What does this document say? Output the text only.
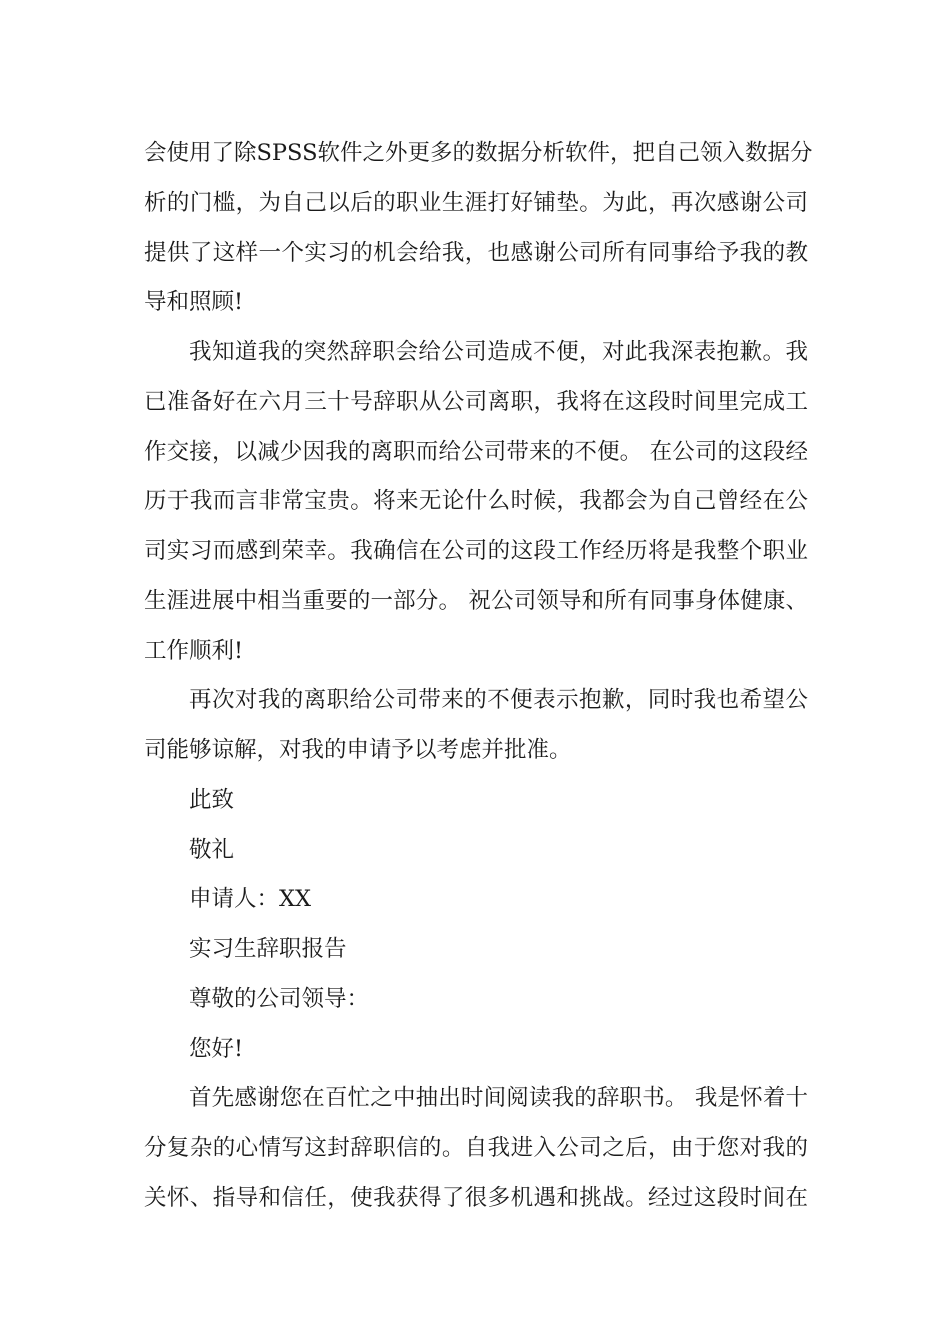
会使用了除SPSS软件之外更多的数据分析软件，把自己领入数据分
析的门槛，为自己以后的职业生涯打好铺垫。为此，再次感谢公司
提供了这样一个实习的机会给我，也感谢公司所有同事给予我的教
导和照顾!
我知道我的突然辞职会给公司造成不便，对此我深表抱歉。我
已准备好在六月三十号辞职从公司离职，我将在这段时间里完成工
作交接，以减少因我的离职而给公司带来的不便。 在公司的这段经
历于我而言非常宝贵。将来无论什么时候，我都会为自己曾经在公
司实习而感到荣幸。我确信在公司的这段工作经历将是我整个职业
生涯进展中相当重要的一部分。 祝公司领导和所有同事身体健康、
工作顺利!
再次对我的离职给公司带来的不便表示抱歉，同时我也希望公
司能够谅解，对我的申请予以考虑并批准。
此致
敬礼
申请人：XX
实习生辞职报告
尊敬的公司领导：
您好!
首先感谢您在百忙之中抽出时间阅读我的辞职书。 我是怀着十
分复杂的心情写这封辞职信的。自我进入公司之后，由于您对我的
关怀、指导和信任，使我获得了很多机遇和挑战。经过这段时间在
